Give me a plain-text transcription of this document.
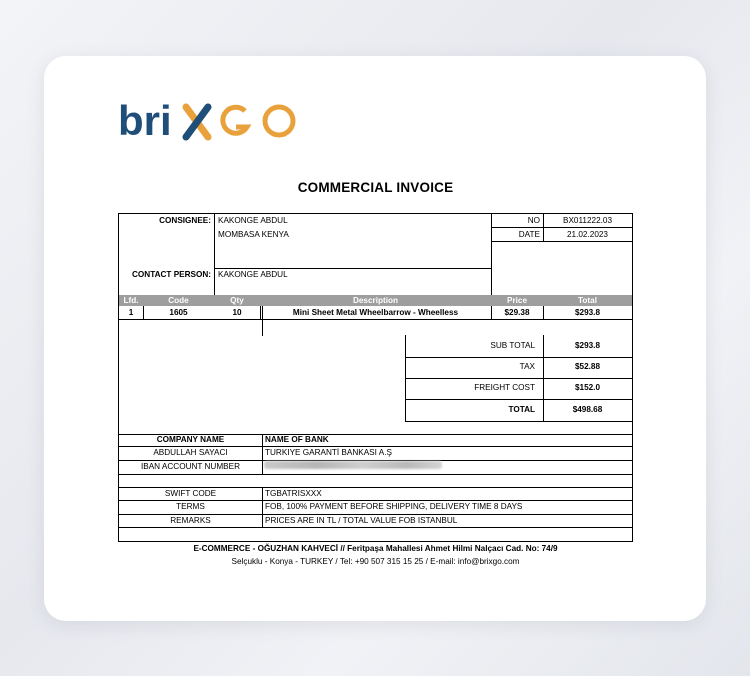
bri
COMMERCIAL INVOICE
CONSIGNEE: KAKONGE ABDUL
MOMBASA KENYA
CONTACT PERSON: KAKONGE ABDUL
NO	BX011222.03
DATE	21.02.2023
Lfd.	Code	Qty	Description	Price	Total
1	1605	10	Mini Sheet Metal Wheelbarrow - Wheelless	$29.38	$293.8
SUB TOTAL	$293.8
TAX	$52.88
FREIGHT COST	$152.0
TOTAL	$498.68
COMPANY NAME	NAME OF BANK
ABDULLAH SAYACI	TURKIYE GARANTİ BANKASI A.Ş
IBAN ACCOUNT NUMBER
SWIFT CODE	TGBATRISXXX
TERMS	FOB, 100% PAYMENT BEFORE SHIPPING, DELIVERY TIME 8 DAYS
REMARKS	PRICES ARE IN TL / TOTAL VALUE FOB ISTANBUL
E-COMMERCE - OĞUZHAN KAHVECİ // Feritpaşa Mahallesi Ahmet Hilmi Nalçacı Cad. No: 74/9
Selçuklu - Konya - TURKEY / Tel: +90 507 315 15 25 / E-mail: info@brixgo.com
